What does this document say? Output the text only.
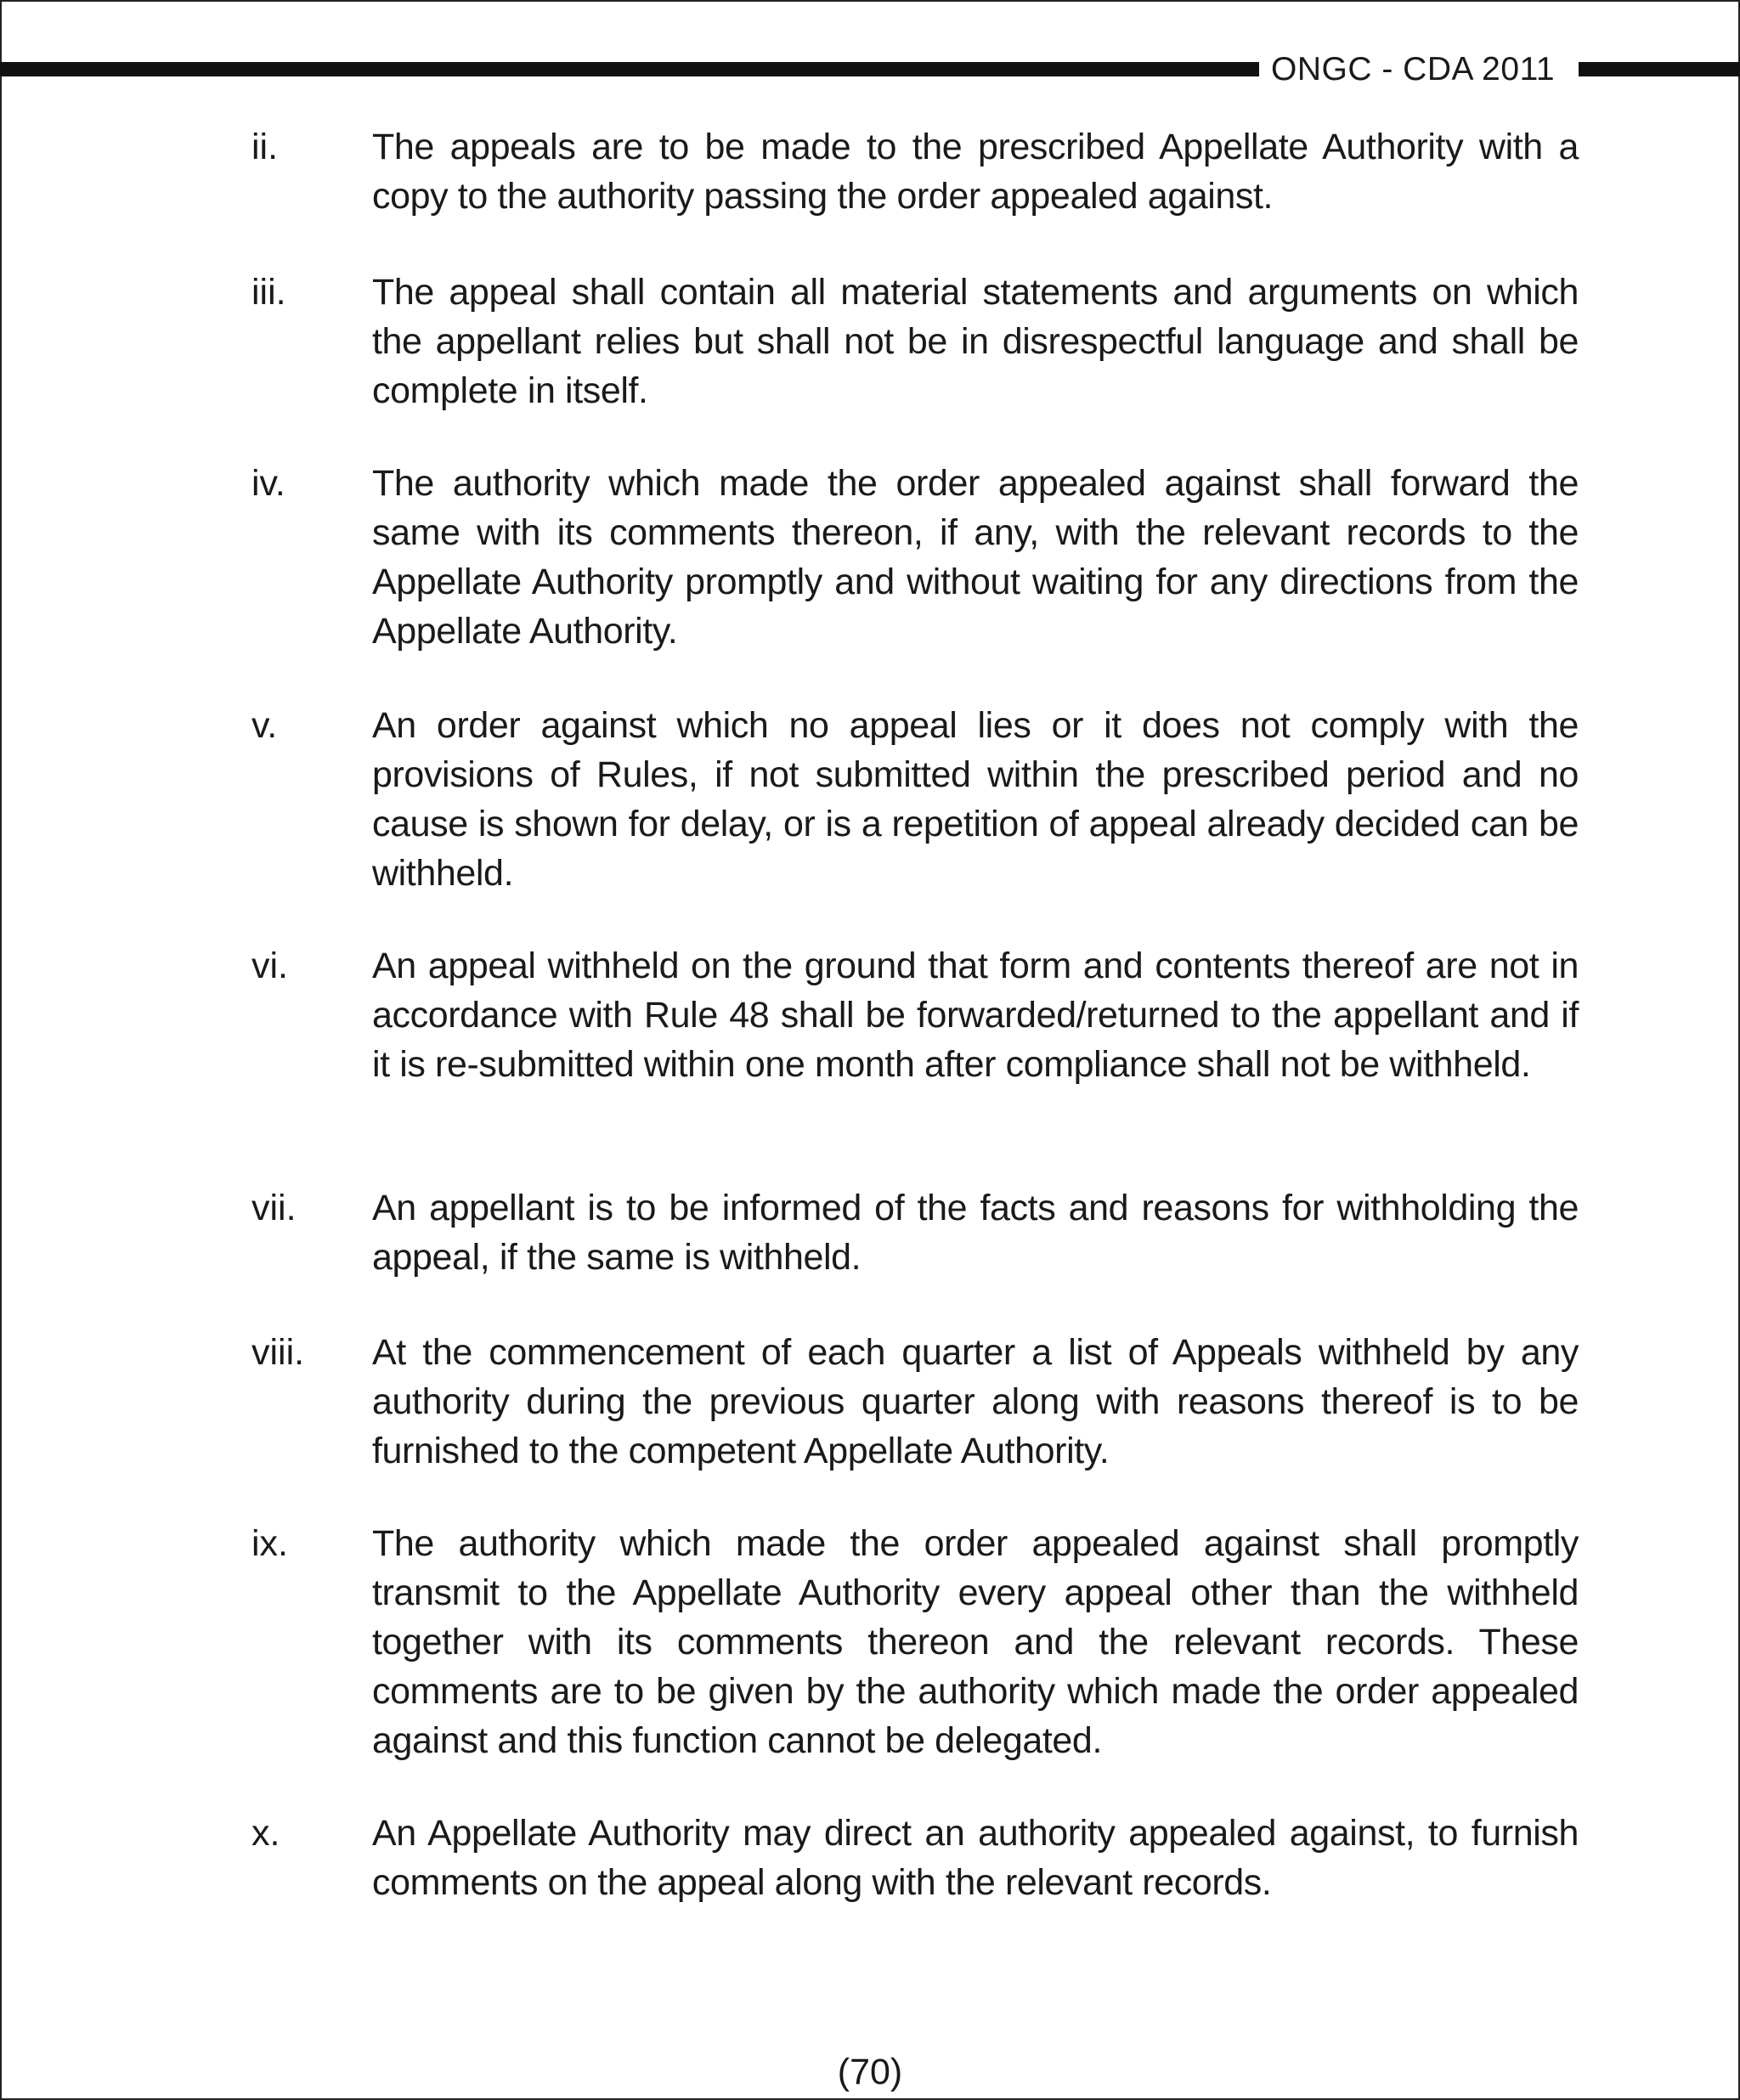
ONGC - CDA 2011
ii.	The appeals are to be made to the prescribed Appellate Authority with a copy to the authority passing the order appealed against.

iii. The appeal shall contain all material statements and arguments on which the appellant relies but shall not be in disrespectful language and shall be complete in itself.

iv. The authority which made the order appealed against shall forward the same with its comments thereon, if any, with the relevant records to the Appellate Authority promptly and without waiting for any directions from the Appellate Authority.

v.	An order against which no appeal lies or it does not comply with the provisions of Rules, if not submitted within the prescribed period and no cause is shown for delay, or is a repetition of appeal already decided can be withheld.

vi. An appeal withheld on the ground that form and contents thereof are not in accordance with Rule 48 shall be forwarded/returned to the appellant and if it is re-submitted within one month after compliance shall not be withheld.

vii. An appellant is to be informed of the facts and reasons for withholding the appeal, if the same is withheld.

viii. At the commencement of each quarter a list of Appeals withheld by any authority during the previous quarter along with reasons thereof is to be furnished to the competent Appellate Authority.

ix. The authority which made the order appealed against shall promptly transmit to the Appellate Authority every appeal other than the withheld together with its comments thereon and the relevant records. These comments are to be given by the authority which made the order appealed against and this function cannot be delegated.

x.	An Appellate Authority may direct an authority appealed against, to furnish comments on the appeal along with the relevant records.

(70)
